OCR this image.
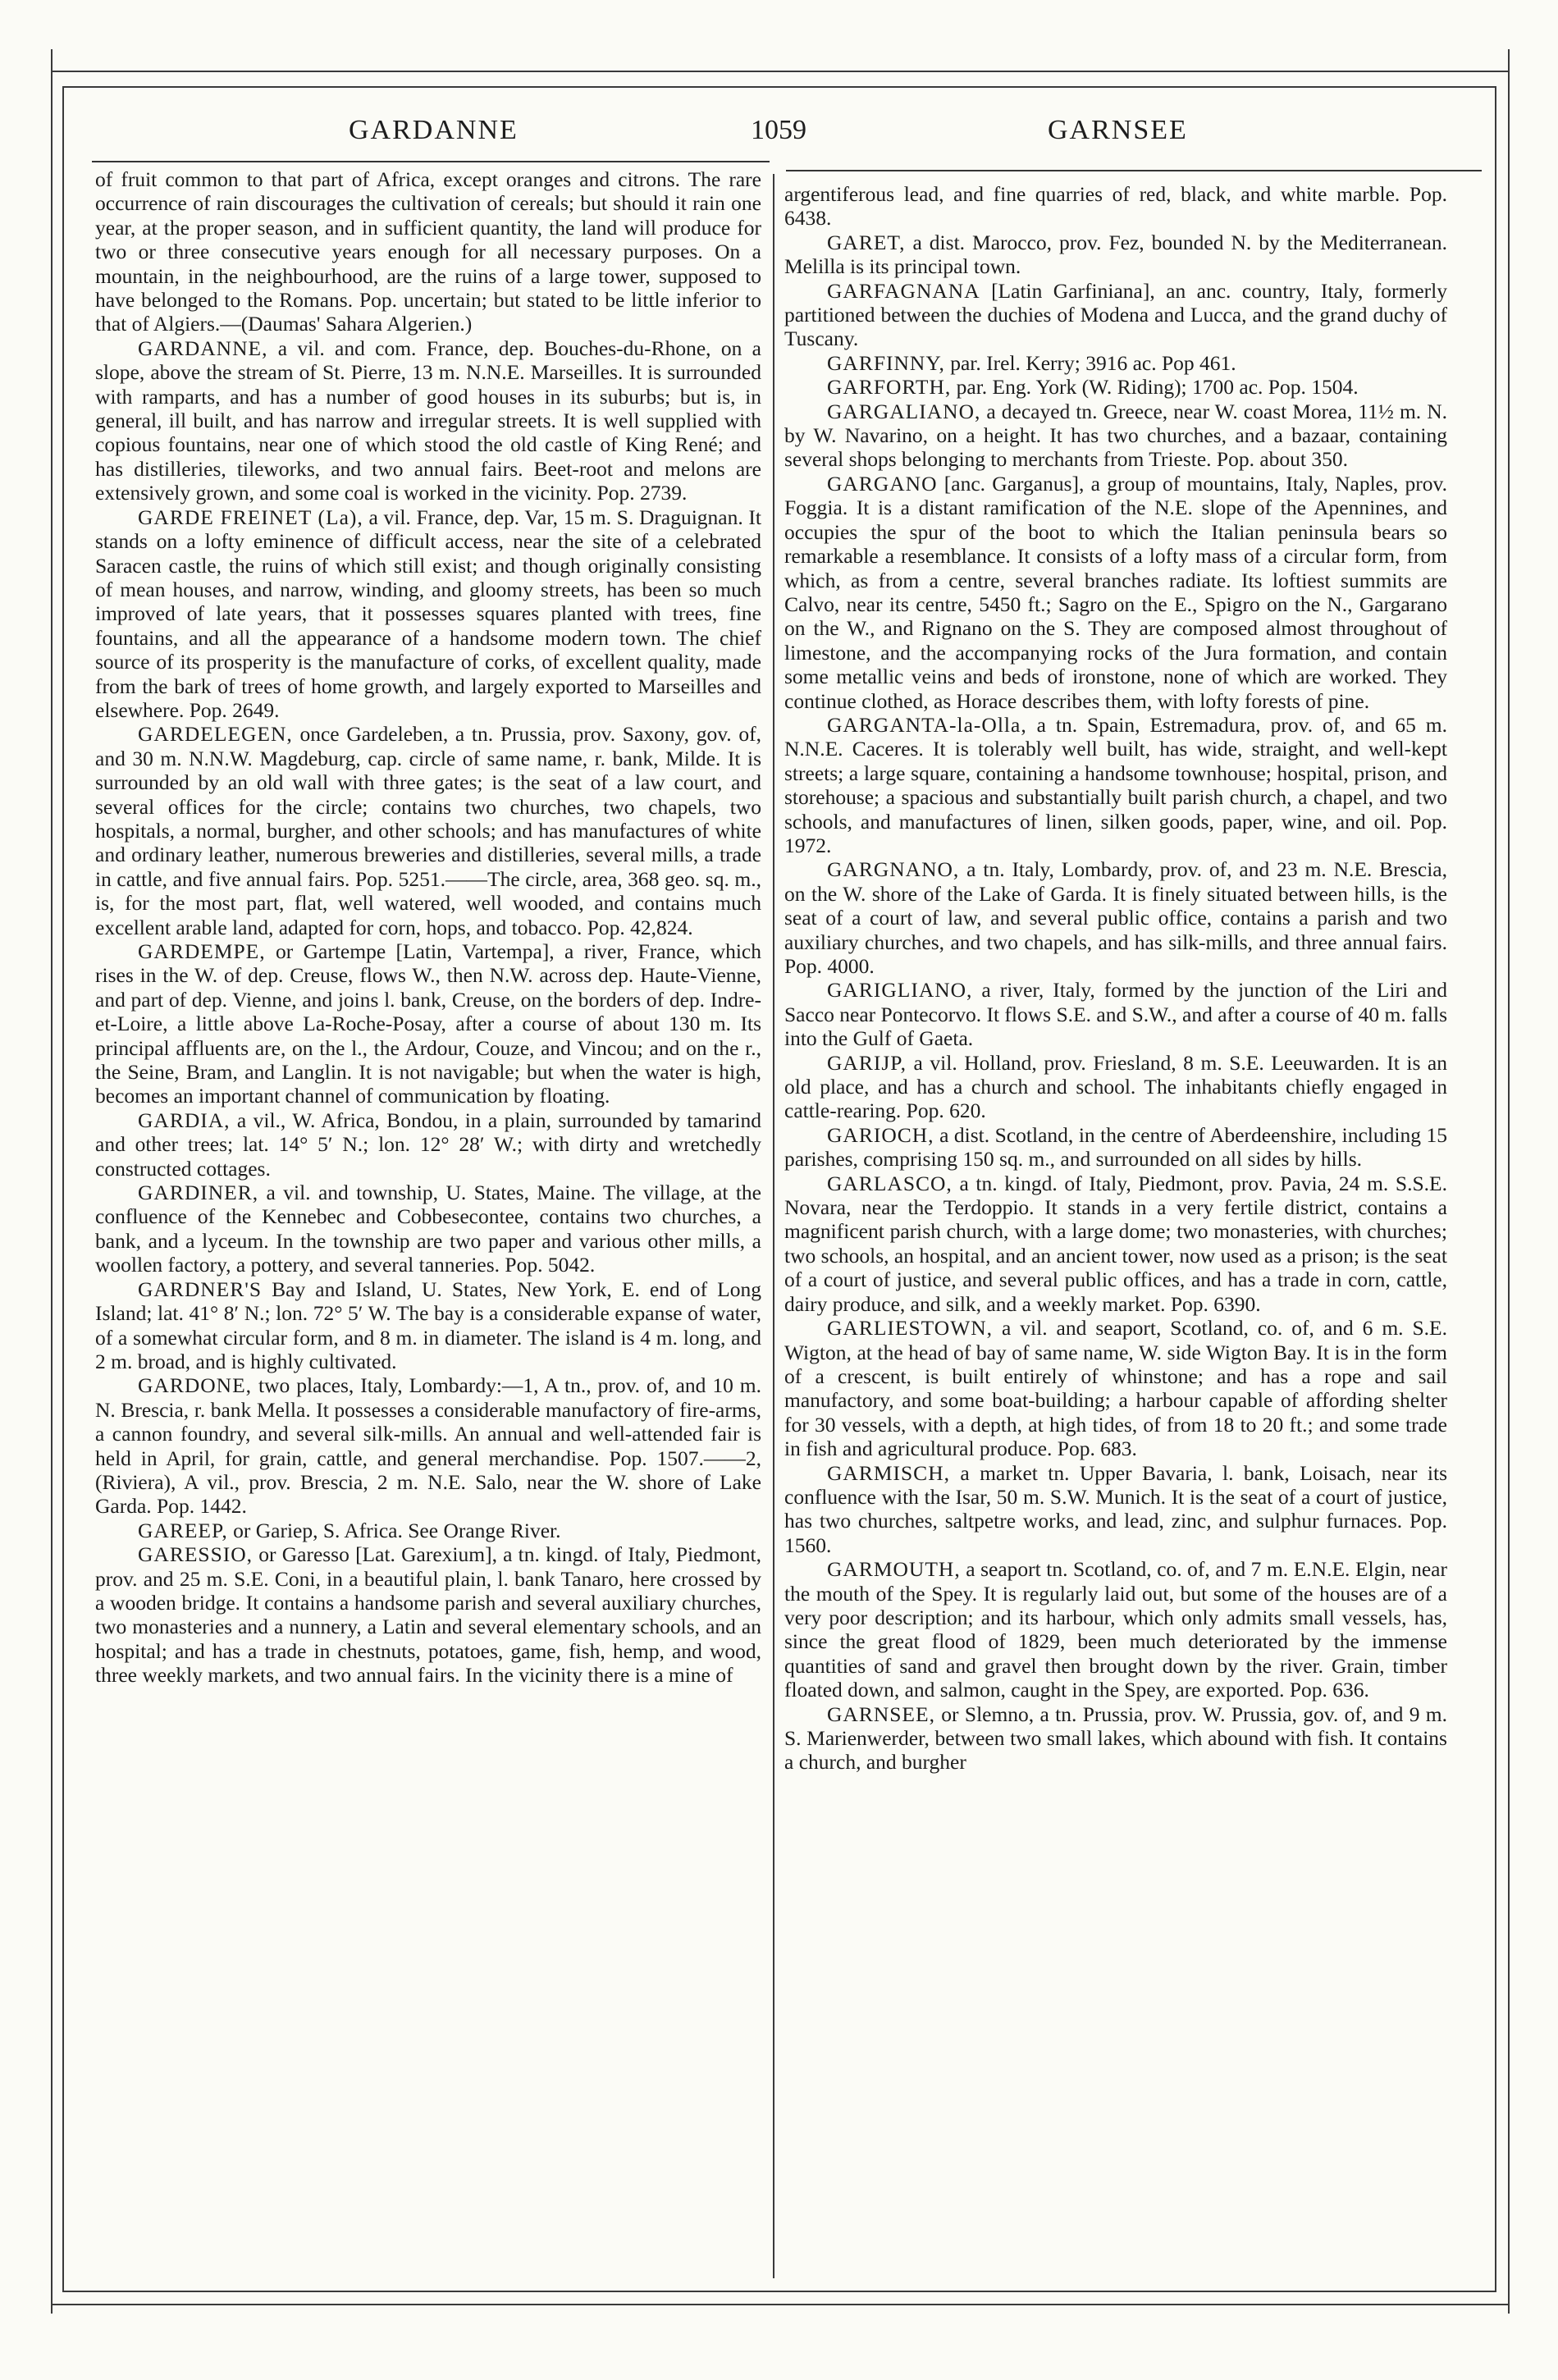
GARDANNE	1059	GARNSEE

of fruit common to that part of Africa, except oranges and citrons. The rare occurrence of rain discourages the cultivation of cereals; but should it rain one year, at the proper season, and in sufficient quantity, the land will produce for two or three consecutive years enough for all necessary purposes. On a mountain, in the neighbourhood, are the ruins of a large tower, supposed to have belonged to the Romans. Pop. uncertain; but stated to be little inferior to that of Algiers.—(Daumas' Sahara Algerien.)

GARDANNE, a vil. and com. France, dep. Bouches-du-Rhone, on a slope, above the stream of St. Pierre, 13 m. N.N.E. Marseilles. It is surrounded with ramparts, and has a number of good houses in its suburbs; but is, in general, ill built, and has narrow and irregular streets. It is well supplied with copious fountains, near one of which stood the old castle of King René; and has distilleries, tileworks, and two annual fairs. Beet-root and melons are extensively grown, and some coal is worked in the vicinity. Pop. 2739.

GARDE FREINET (La), a vil. France, dep. Var, 15 m. S. Draguignan. It stands on a lofty eminence of difficult access, near the site of a celebrated Saracen castle, the ruins of which still exist; and though originally consisting of mean houses, and narrow, winding, and gloomy streets, has been so much improved of late years, that it possesses squares planted with trees, fine fountains, and all the appearance of a handsome modern town. The chief source of its prosperity is the manufacture of corks, of excellent quality, made from the bark of trees of home growth, and largely exported to Marseilles and elsewhere. Pop. 2649.

GARDELEGEN, once Gardeleben, a tn. Prussia, prov. Saxony, gov. of, and 30 m. N.N.W. Magdeburg, cap. circle of same name, r. bank, Milde. It is surrounded by an old wall with three gates; is the seat of a law court, and several offices for the circle; contains two churches, two chapels, two hospitals, a normal, burgher, and other schools; and has manufactures of white and ordinary leather, numerous breweries and distilleries, several mills, a trade in cattle, and five annual fairs. Pop. 5251.——The circle, area, 368 geo. sq. m., is, for the most part, flat, well watered, well wooded, and contains much excellent arable land, adapted for corn, hops, and tobacco. Pop. 42,824.

GARDEMPE, or Gartempe [Latin, Vartempa], a river, France, which rises in the W. of dep. Creuse, flows W., then N.W. across dep. Haute-Vienne, and part of dep. Vienne, and joins l. bank, Creuse, on the borders of dep. Indre-et-Loire, a little above La-Roche-Posay, after a course of about 130 m. Its principal affluents are, on the l., the Ardour, Couze, and Vincou; and on the r., the Seine, Bram, and Langlin. It is not navigable; but when the water is high, becomes an important channel of communication by floating.

GARDIA, a vil., W. Africa, Bondou, in a plain, surrounded by tamarind and other trees; lat. 14° 5′ N.; lon. 12° 28′ W.; with dirty and wretchedly constructed cottages.

GARDINER, a vil. and township, U. States, Maine. The village, at the confluence of the Kennebec and Cobbesecontee, contains two churches, a bank, and a lyceum. In the township are two paper and various other mills, a woollen factory, a pottery, and several tanneries. Pop. 5042.

GARDNER'S Bay and Island, U. States, New York, E. end of Long Island; lat. 41° 8′ N.; lon. 72° 5′ W. The bay is a considerable expanse of water, of a somewhat circular form, and 8 m. in diameter. The island is 4 m. long, and 2 m. broad, and is highly cultivated.

GARDONE, two places, Italy, Lombardy:—1, A tn., prov. of, and 10 m. N. Brescia, r. bank Mella. It possesses a considerable manufactory of fire-arms, a cannon foundry, and several silk-mills. An annual and well-attended fair is held in April, for grain, cattle, and general merchandise. Pop. 1507.——2, (Riviera), A vil., prov. Brescia, 2 m. N.E. Salo, near the W. shore of Lake Garda. Pop. 1442.

GAREEP, or Gariep, S. Africa. See Orange River.

GARESSIO, or Garesso [Lat. Garexium], a tn. kingd. of Italy, Piedmont, prov. and 25 m. S.E. Coni, in a beautiful plain, l. bank Tanaro, here crossed by a wooden bridge. It contains a handsome parish and several auxiliary churches, two monasteries and a nunnery, a Latin and several elementary schools, and an hospital; and has a trade in chestnuts, potatoes, game, fish, hemp, and wood, three weekly markets, and two annual fairs. In the vicinity there is a mine of

argentiferous lead, and fine quarries of red, black, and white marble. Pop. 6438.

GARET, a dist. Marocco, prov. Fez, bounded N. by the Mediterranean. Melilla is its principal town.

GARFAGNANA [Latin Garfiniana], an anc. country, Italy, formerly partitioned between the duchies of Modena and Lucca, and the grand duchy of Tuscany.

GARFINNY, par. Irel. Kerry; 3916 ac. Pop 461.

GARFORTH, par. Eng. York (W. Riding); 1700 ac. Pop. 1504.

GARGALIANO, a decayed tn. Greece, near W. coast Morea, 11½ m. N. by W. Navarino, on a height. It has two churches, and a bazaar, containing several shops belonging to merchants from Trieste. Pop. about 350.

GARGANO [anc. Garganus], a group of mountains, Italy, Naples, prov. Foggia. It is a distant ramification of the N.E. slope of the Apennines, and occupies the spur of the boot to which the Italian peninsula bears so remarkable a resemblance. It consists of a lofty mass of a circular form, from which, as from a centre, several branches radiate. Its loftiest summits are Calvo, near its centre, 5450 ft.; Sagro on the E., Spigro on the N., Gargarano on the W., and Rignano on the S. They are composed almost throughout of limestone, and the accompanying rocks of the Jura formation, and contain some metallic veins and beds of ironstone, none of which are worked. They continue clothed, as Horace describes them, with lofty forests of pine.

GARGANTA-la-Olla, a tn. Spain, Estremadura, prov. of, and 65 m. N.N.E. Caceres. It is tolerably well built, has wide, straight, and well-kept streets; a large square, containing a handsome townhouse; hospital, prison, and storehouse; a spacious and substantially built parish church, a chapel, and two schools, and manufactures of linen, silken goods, paper, wine, and oil. Pop. 1972.

GARGNANO, a tn. Italy, Lombardy, prov. of, and 23 m. N.E. Brescia, on the W. shore of the Lake of Garda. It is finely situated between hills, is the seat of a court of law, and several public office, contains a parish and two auxiliary churches, and two chapels, and has silk-mills, and three annual fairs. Pop. 4000.

GARIGLIANO, a river, Italy, formed by the junction of the Liri and Sacco near Pontecorvo. It flows S.E. and S.W., and after a course of 40 m. falls into the Gulf of Gaeta.

GARIJP, a vil. Holland, prov. Friesland, 8 m. S.E. Leeuwarden. It is an old place, and has a church and school. The inhabitants chiefly engaged in cattle-rearing. Pop. 620.

GARIOCH, a dist. Scotland, in the centre of Aberdeenshire, including 15 parishes, comprising 150 sq. m., and surrounded on all sides by hills.

GARLASCO, a tn. kingd. of Italy, Piedmont, prov. Pavia, 24 m. S.S.E. Novara, near the Terdoppio. It stands in a very fertile district, contains a magnificent parish church, with a large dome; two monasteries, with churches; two schools, an hospital, and an ancient tower, now used as a prison; is the seat of a court of justice, and several public offices, and has a trade in corn, cattle, dairy produce, and silk, and a weekly market. Pop. 6390.

GARLIESTOWN, a vil. and seaport, Scotland, co. of, and 6 m. S.E. Wigton, at the head of bay of same name, W. side Wigton Bay. It is in the form of a crescent, is built entirely of whinstone; and has a rope and sail manufactory, and some boat-building; a harbour capable of affording shelter for 30 vessels, with a depth, at high tides, of from 18 to 20 ft.; and some trade in fish and agricultural produce. Pop. 683.

GARMISCH, a market tn. Upper Bavaria, l. bank, Loisach, near its confluence with the Isar, 50 m. S.W. Munich. It is the seat of a court of justice, has two churches, saltpetre works, and lead, zinc, and sulphur furnaces. Pop. 1560.

GARMOUTH, a seaport tn. Scotland, co. of, and 7 m. E.N.E. Elgin, near the mouth of the Spey. It is regularly laid out, but some of the houses are of a very poor description; and its harbour, which only admits small vessels, has, since the great flood of 1829, been much deteriorated by the immense quantities of sand and gravel then brought down by the river. Grain, timber floated down, and salmon, caught in the Spey, are exported. Pop. 636.

GARNSEE, or Slemno, a tn. Prussia, prov. W. Prussia, gov. of, and 9 m. S. Marienwerder, between two small lakes, which abound with fish. It contains a church, and burgher
